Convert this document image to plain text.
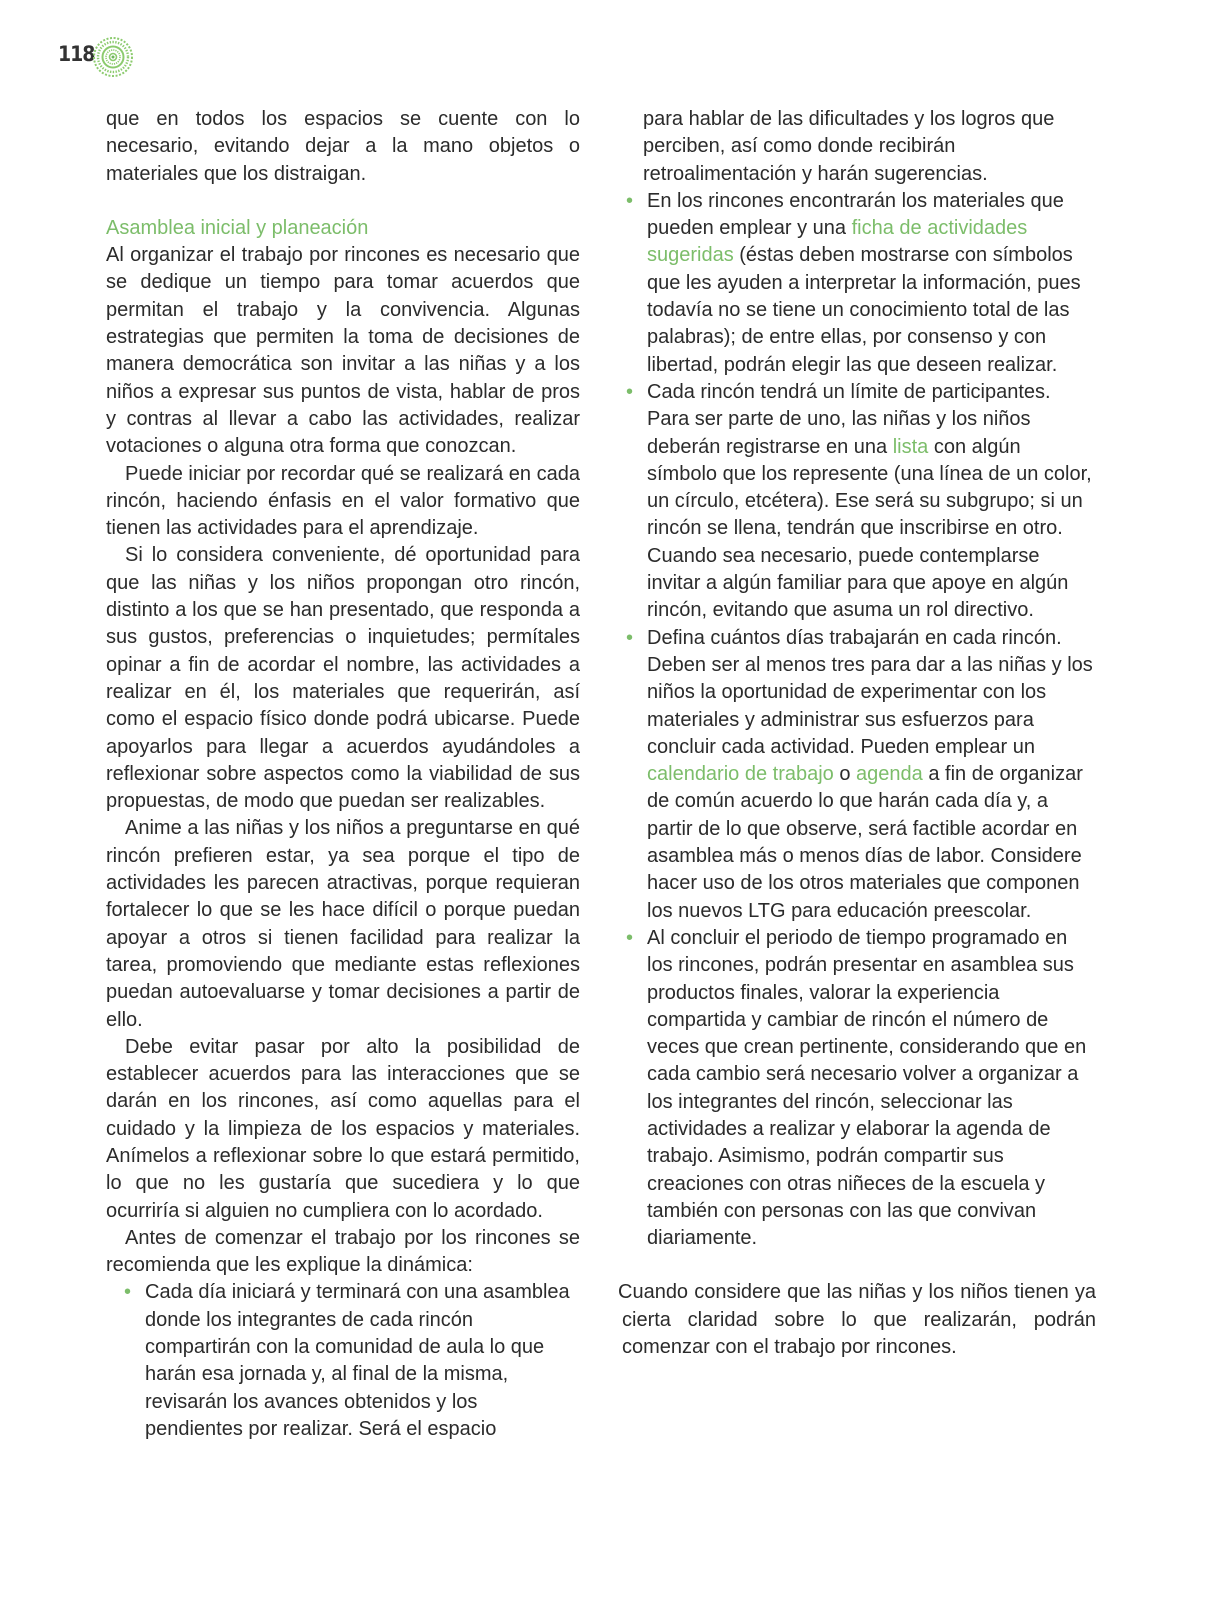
118

que en todos los espacios se cuente con lo necesario, evitando dejar a la mano objetos o materiales que los distraigan.

Asamblea inicial y planeación

Al organizar el trabajo por rincones es necesario que se dedique un tiempo para tomar acuerdos que permitan el trabajo y la convivencia. Algunas estrategias que permiten la toma de decisiones de manera democrática son invitar a las niñas y a los niños a expresar sus puntos de vista, hablar de pros y contras al llevar a cabo las actividades, realizar votaciones o alguna otra forma que conozcan.

Puede iniciar por recordar qué se realizará en cada rincón, haciendo énfasis en el valor formativo que tienen las actividades para el aprendizaje.

Si lo considera conveniente, dé oportunidad para que las niñas y los niños propongan otro rincón, distinto a los que se han presentado, que responda a sus gustos, preferencias o inquietudes; permítales opinar a fin de acordar el nombre, las actividades a realizar en él, los materiales que requerirán, así como el espacio físico donde podrá ubicarse. Puede apoyarlos para llegar a acuerdos ayudándoles a reflexionar sobre aspectos como la viabilidad de sus propuestas, de modo que puedan ser realizables.

Anime a las niñas y los niños a preguntarse en qué rincón prefieren estar, ya sea porque el tipo de actividades les parecen atractivas, porque requieran fortalecer lo que se les hace difícil o porque puedan apoyar a otros si tienen facilidad para realizar la tarea, promoviendo que mediante estas reflexiones puedan autoevaluarse y tomar decisiones a partir de ello.

Debe evitar pasar por alto la posibilidad de establecer acuerdos para las interacciones que se darán en los rincones, así como aquellas para el cuidado y la limpieza de los espacios y materiales. Anímelos a reflexionar sobre lo que estará permitido, lo que no les gustaría que sucediera y lo que ocurriría si alguien no cumpliera con lo acordado.

Antes de comenzar el trabajo por los rincones se recomienda que les explique la dinámica:

• Cada día iniciará y terminará con una asamblea donde los integrantes de cada rincón compartirán con la comunidad de aula lo que harán esa jornada y, al final de la misma, revisarán los avances obtenidos y los pendientes por realizar. Será el espacio
para hablar de las dificultades y los logros que perciben, así como donde recibirán retroalimentación y harán sugerencias.
• En los rincones encontrarán los materiales que pueden emplear y una ficha de actividades sugeridas (éstas deben mostrarse con símbolos que les ayuden a interpretar la información, pues todavía no se tiene un conocimiento total de las palabras); de entre ellas, por consenso y con libertad, podrán elegir las que deseen realizar.
• Cada rincón tendrá un límite de participantes. Para ser parte de uno, las niñas y los niños deberán registrarse en una lista con algún símbolo que los represente (una línea de un color, un círculo, etcétera). Ese será su subgrupo; si un rincón se llena, tendrán que inscribirse en otro. Cuando sea necesario, puede contemplarse invitar a algún familiar para que apoye en algún rincón, evitando que asuma un rol directivo.
• Defina cuántos días trabajarán en cada rincón. Deben ser al menos tres para dar a las niñas y los niños la oportunidad de experimentar con los materiales y administrar sus esfuerzos para concluir cada actividad. Pueden emplear un calendario de trabajo o agenda a fin de organizar de común acuerdo lo que harán cada día y, a partir de lo que observe, será factible acordar en asamblea más o menos días de labor. Considere hacer uso de los otros materiales que componen los nuevos LTG para educación preescolar.
• Al concluir el periodo de tiempo programado en los rincones, podrán presentar en asamblea sus productos finales, valorar la experiencia compartida y cambiar de rincón el número de veces que crean pertinente, considerando que en cada cambio será necesario volver a organizar a los integrantes del rincón, seleccionar las actividades a realizar y elaborar la agenda de trabajo. Asimismo, podrán compartir sus creaciones con otras niñeces de la escuela y también con personas con las que convivan diariamente.

Cuando considere que las niñas y los niños tienen ya cierta claridad sobre lo que realizarán, podrán comenzar con el trabajo por rincones.
